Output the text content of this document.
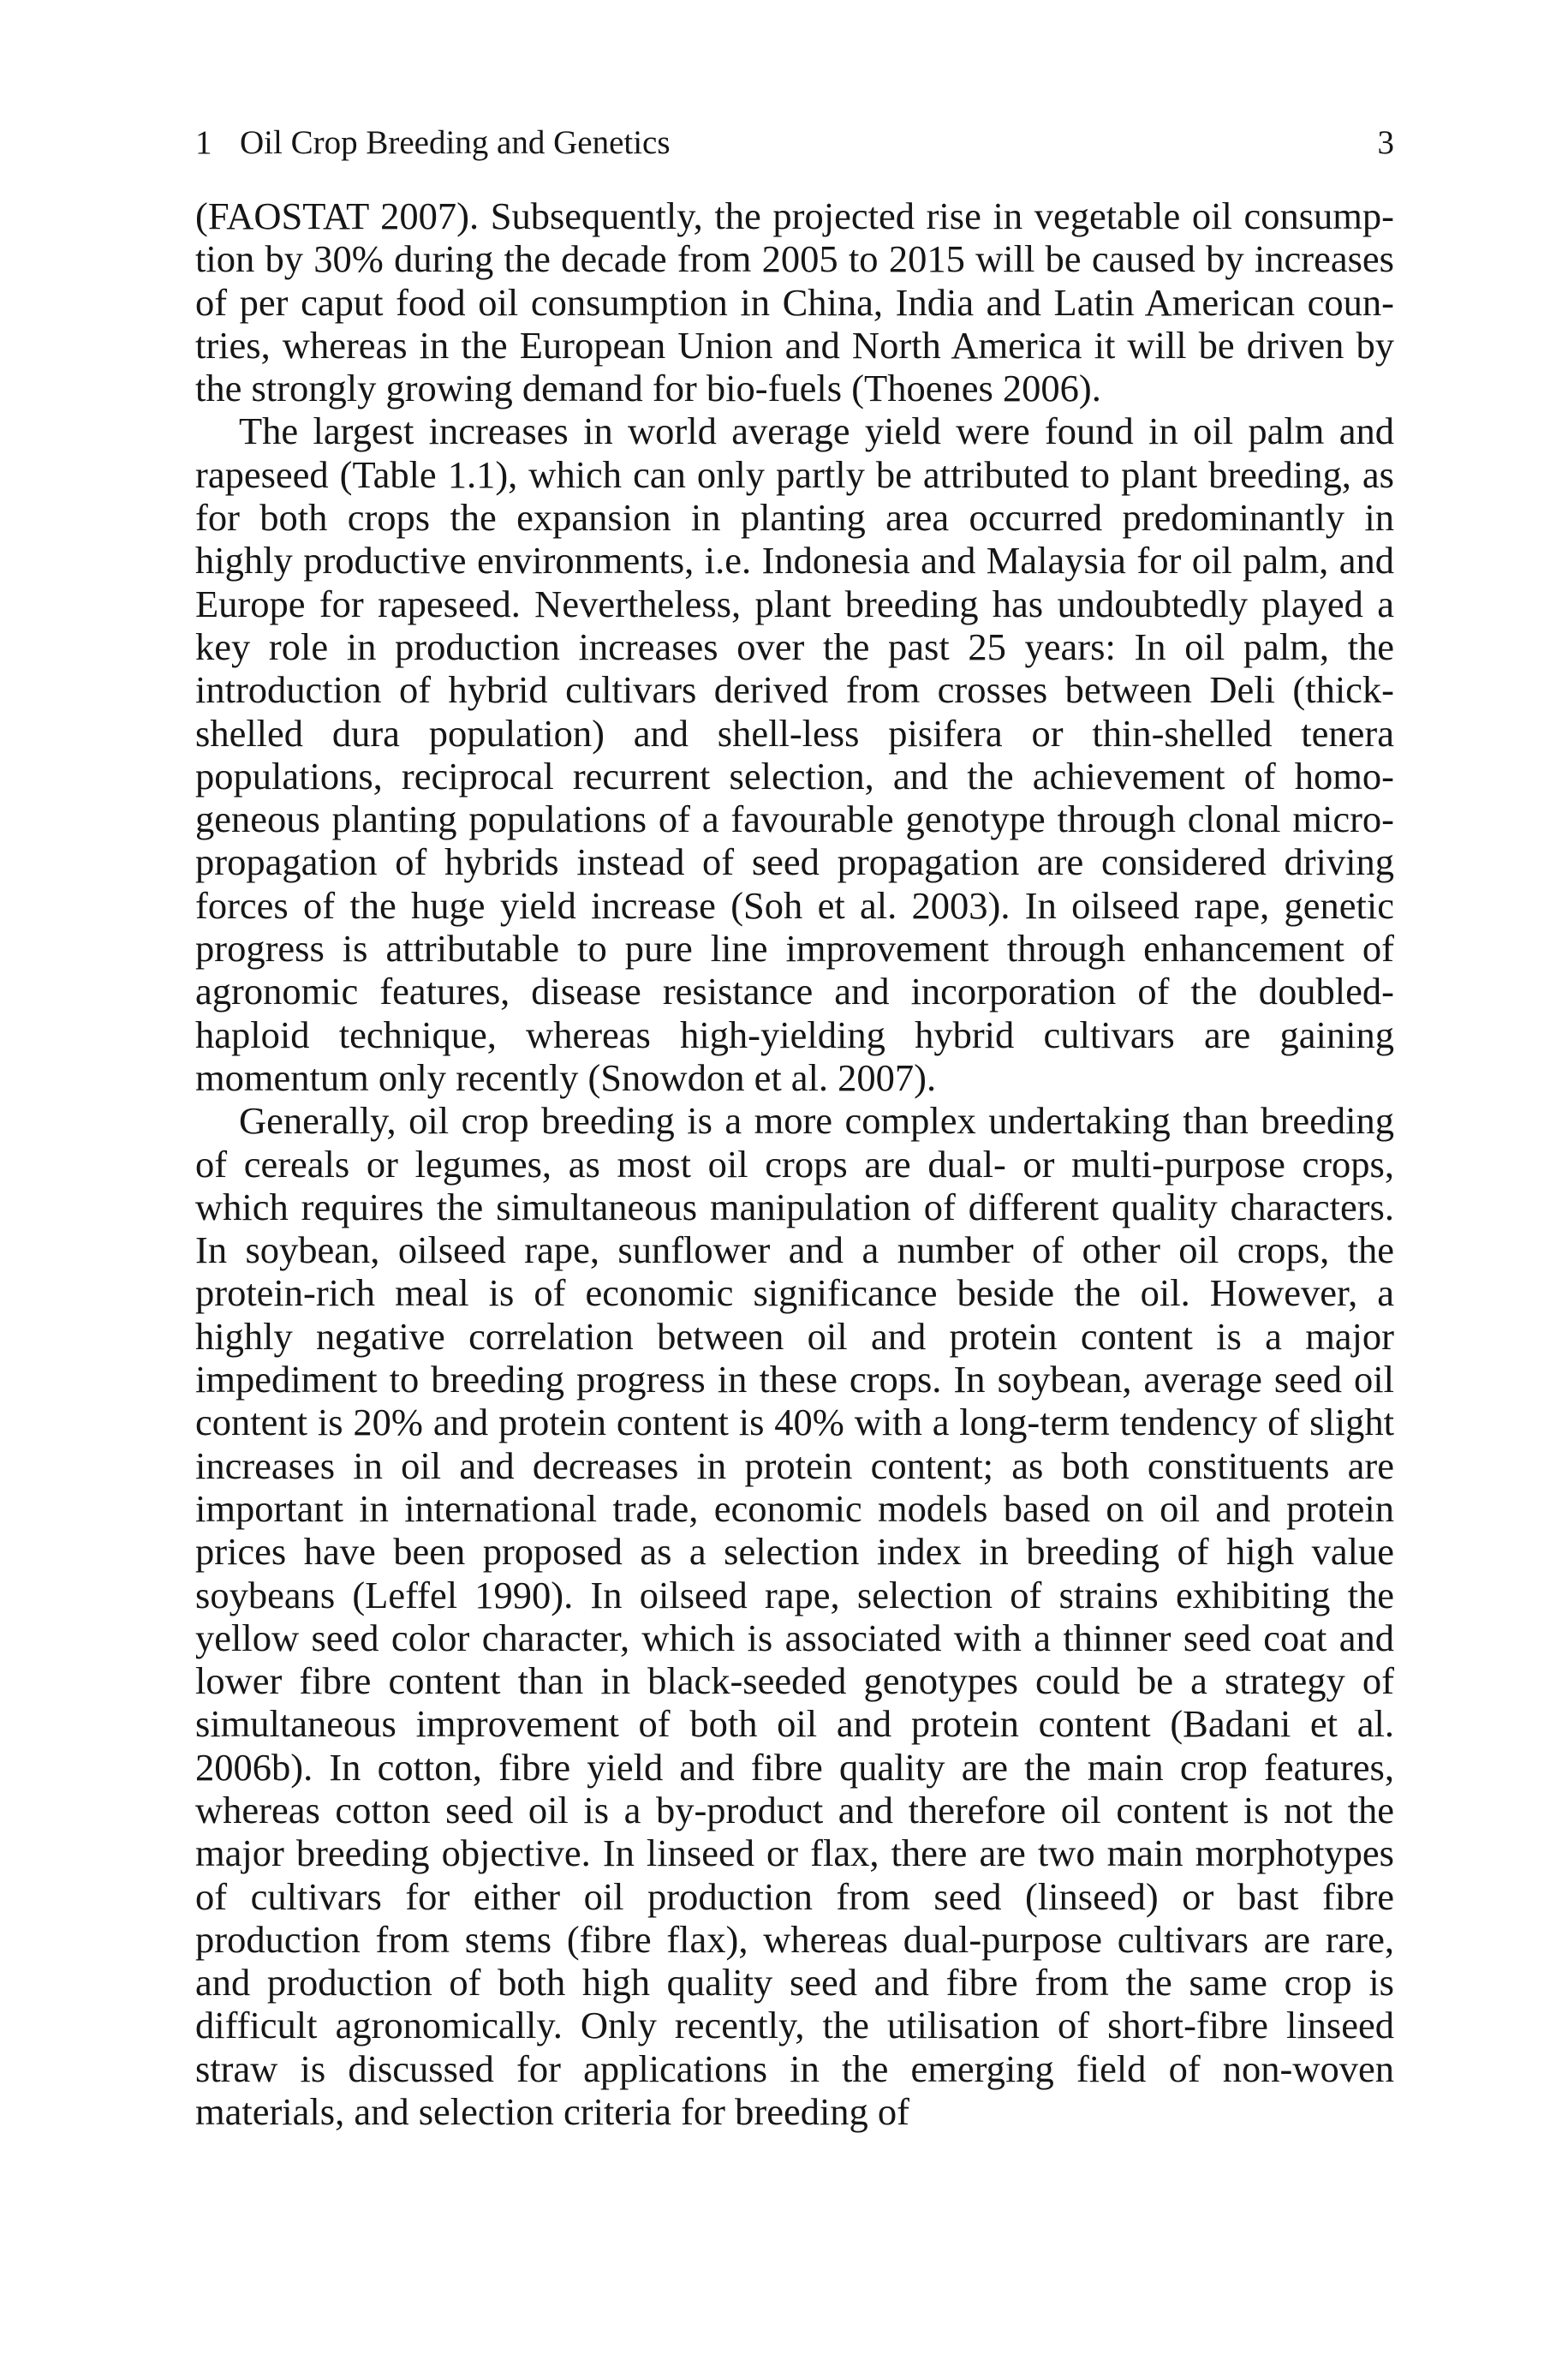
1 Oil Crop Breeding and Genetics	3

(FAOSTAT 2007). Subsequently, the projected rise in vegetable oil consumption by 30% during the decade from 2005 to 2015 will be caused by increases of per caput food oil consumption in China, India and Latin American countries, whereas in the European Union and North America it will be driven by the strongly growing demand for bio-fuels (Thoenes 2006).

The largest increases in world average yield were found in oil palm and rapeseed (Table 1.1), which can only partly be attributed to plant breeding, as for both crops the expansion in planting area occurred predominantly in highly productive environments, i.e. Indonesia and Malaysia for oil palm, and Europe for rapeseed. Nevertheless, plant breeding has undoubtedly played a key role in production increases over the past 25 years: In oil palm, the introduction of hybrid cultivars derived from crosses between Deli (thick-shelled dura population) and shell-less pisifera or thin-shelled tenera populations, reciprocal recurrent selection, and the achievement of homogeneous planting populations of a favourable genotype through clonal micro-propagation of hybrids instead of seed propagation are considered driving forces of the huge yield increase (Soh et al. 2003). In oilseed rape, genetic progress is attributable to pure line improvement through enhancement of agronomic features, disease resistance and incorporation of the doubled-haploid technique, whereas high-yielding hybrid cultivars are gaining momentum only recently (Snowdon et al. 2007).

Generally, oil crop breeding is a more complex undertaking than breeding of cereals or legumes, as most oil crops are dual- or multi-purpose crops, which requires the simultaneous manipulation of different quality characters. In soybean, oilseed rape, sunflower and a number of other oil crops, the protein-rich meal is of economic significance beside the oil. However, a highly negative correlation between oil and protein content is a major impediment to breeding progress in these crops. In soybean, average seed oil content is 20% and protein content is 40% with a long-term tendency of slight increases in oil and decreases in protein content; as both constituents are important in international trade, economic models based on oil and protein prices have been proposed as a selection index in breeding of high value soybeans (Leffel 1990). In oilseed rape, selection of strains exhibiting the yellow seed color character, which is associated with a thinner seed coat and lower fibre content than in black-seeded genotypes could be a strategy of simultaneous improvement of both oil and protein content (Badani et al. 2006b). In cotton, fibre yield and fibre quality are the main crop features, whereas cotton seed oil is a by-product and therefore oil content is not the major breeding objective. In linseed or flax, there are two main morphotypes of cultivars for either oil production from seed (linseed) or bast fibre production from stems (fibre flax), whereas dual-purpose cultivars are rare, and production of both high quality seed and fibre from the same crop is difficult agronomically. Only recently, the utilisation of short-fibre linseed straw is discussed for applications in the emerging field of non-woven materials, and selection criteria for breeding of
